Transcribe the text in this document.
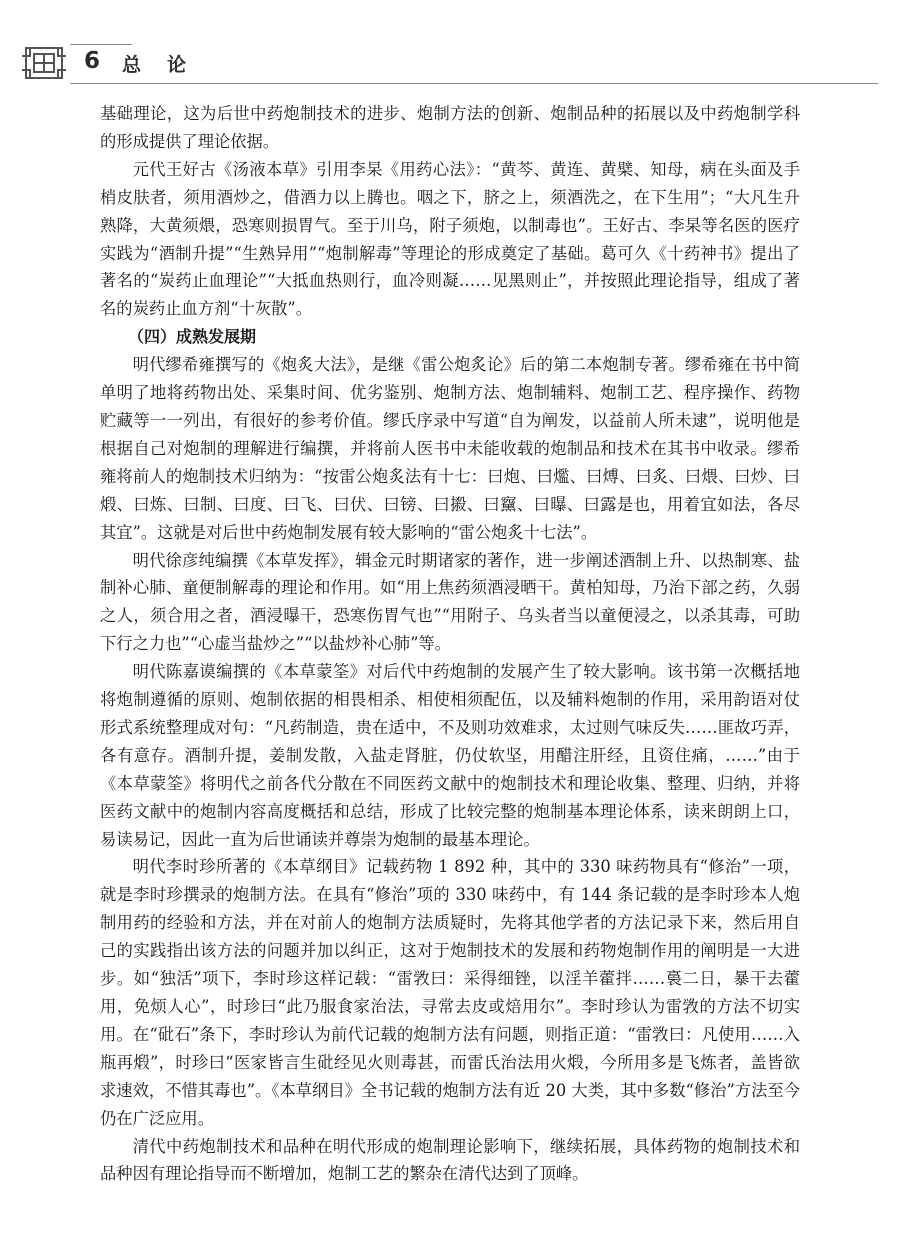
6 总论

基础理论，这为后世中药炮制技术的进步、炮制方法的创新、炮制品种的拓展以及中药炮制学科的形成提供了理论依据。

元代王好古《汤液本草》引用李杲《用药心法》：“黄芩、黄连、黄檗、知母，病在头面及手梢皮肤者，须用酒炒之，借酒力以上腾也。咽之下，脐之上，须酒洗之，在下生用”；“大凡生升熟降，大黄须煨，恐寒则损胃气。至于川乌，附子须炮，以制毒也”。王好古、李杲等名医的医疗实践为“酒制升提”“生熟异用”“炮制解毒”等理论的形成奠定了基础。葛可久《十药神书》提出了著名的“炭药止血理论”“大抵血热则行，血冷则凝……见黑则止”，并按照此理论指导，组成了著名的炭药止血方剂“十灰散”。

（四）成熟发展期

明代缪希雍撰写的《炮炙大法》，是继《雷公炮炙论》后的第二本炮制专著。缪希雍在书中简单明了地将药物出处、采集时间、优劣鉴别、炮制方法、炮制辅料、炮制工艺、程序操作、药物贮藏等一一列出，有很好的参考价值。缪氏序录中写道“自为阐发，以益前人所未逮”，说明他是根据自己对炮制的理解进行编撰，并将前人医书中未能收载的炮制品和技术在其书中收录。缪希雍将前人的炮制技术归纳为：“按雷公炮炙法有十七：曰炮、曰爁、曰煿、曰炙、曰煨、曰炒、曰煅、曰炼、曰制、曰度、曰飞、曰伏、曰镑、曰摋、曰䵫、曰曝、曰露是也，用着宜如法，各尽其宜”。这就是对后世中药炮制发展有较大影响的“雷公炮炙十七法”。

明代徐彦纯编撰《本草发挥》，辑金元时期诸家的著作，进一步阐述酒制上升、以热制寒、盐制补心肺、童便制解毒的理论和作用。如“用上焦药须酒浸晒干。黄柏知母，乃治下部之药，久弱之人，须合用之者，酒浸曝干，恐寒伤胃气也”“用附子、乌头者当以童便浸之，以杀其毒，可助下行之力也”“心虚当盐炒之”“以盐炒补心肺”等。

明代陈嘉谟编撰的《本草蒙筌》对后代中药炮制的发展产生了较大影响。该书第一次概括地将炮制遵循的原则、炮制依据的相畏相杀、相使相须配伍，以及辅料炮制的作用，采用韵语对仗形式系统整理成对句：“凡药制造，贵在适中，不及则功效难求，太过则气味反失……匪故巧弄，各有意存。酒制升提，姜制发散，入盐走肾脏，仍仗软坚，用醋注肝经，且资住痛，……”由于《本草蒙筌》将明代之前各代分散在不同医药文献中的炮制技术和理论收集、整理、归纳，并将医药文献中的炮制内容高度概括和总结，形成了比较完整的炮制基本理论体系，读来朗朗上口，易读易记，因此一直为后世诵读并尊崇为炮制的最基本理论。

明代李时珍所著的《本草纲目》记载药物 1 892 种，其中的 330 味药物具有“修治”一项，就是李时珍撰录的炮制方法。在具有“修治”项的 330 味药中，有 144 条记载的是李时珍本人炮制用药的经验和方法，并在对前人的炮制方法质疑时，先将其他学者的方法记录下来，然后用自己的实践指出该方法的问题并加以纠正，这对于炮制技术的发展和药物炮制作用的阐明是一大进步。如“独活”项下，李时珍这样记载：“雷敩曰：采得细锉，以淫羊藿拌……裛二日，暴干去藿用，免烦人心”，时珍曰“此乃服食家治法，寻常去皮或焙用尔”。李时珍认为雷敩的方法不切实用。在“砒石”条下，李时珍认为前代记载的炮制方法有问题，则指正道：“雷敩曰：凡使用……入瓶再煅”，时珍曰“医家皆言生砒经见火则毒甚，而雷氏治法用火煅，今所用多是飞炼者，盖皆欲求速效，不惜其毒也”。《本草纲目》全书记载的炮制方法有近 20 大类，其中多数“修治”方法至今仍在广泛应用。

清代中药炮制技术和品种在明代形成的炮制理论影响下，继续拓展，具体药物的炮制技术和品种因有理论指导而不断增加，炮制工艺的繁杂在清代达到了顶峰。
